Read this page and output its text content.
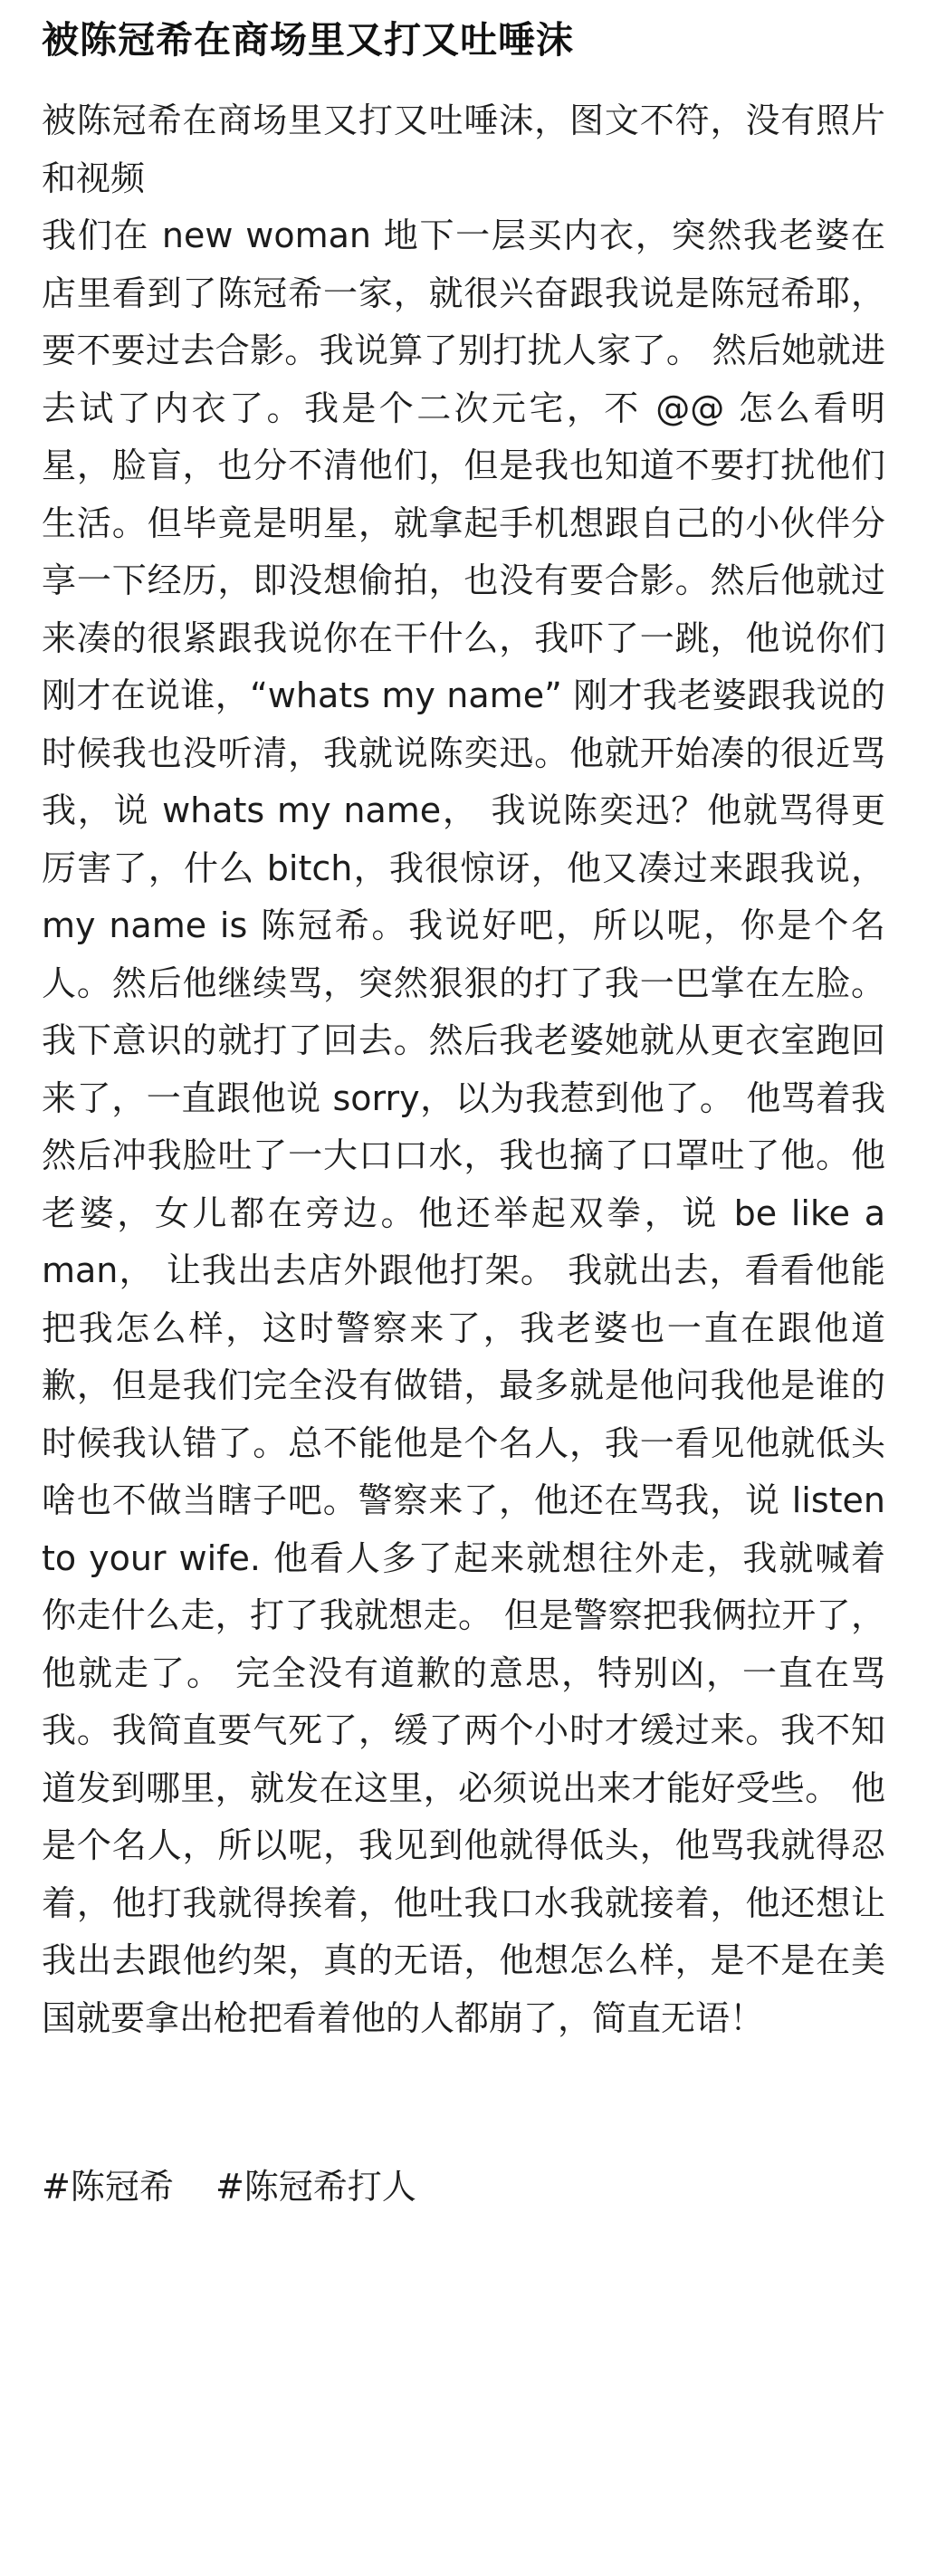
被陈冠希在商场里又打又吐唾沫

被陈冠希在商场里又打又吐唾沫，图文不符，没有照片和视频

我们在 new woman 地下一层买内衣，突然我老婆在店里看到了陈冠希一家，就很兴奋跟我说是陈冠希耶，要不要过去合影。我说算了别打扰人家了。 然后她就进去试了内衣了。我是个二次元宅，不 @@ 怎么看明星，脸盲，也分不清他们，但是我也知道不要打扰他们生活。但毕竟是明星，就拿起手机想跟自己的小伙伴分享一下经历，即没想偷拍，也没有要合影。然后他就过来凑的很紧跟我说你在干什么，我吓了一跳，他说你们刚才在说谁，“whats my name” 刚才我老婆跟我说的时候我也没听清，我就说陈奕迅。他就开始凑的很近骂我，说 whats my name， 我说陈奕迅？他就骂得更厉害了，什么 bitch，我很惊讶，他又凑过来跟我说，my name is 陈冠希。我说好吧，所以呢，你是个名人。然后他继续骂，突然狠狠的打了我一巴掌在左脸。我下意识的就打了回去。然后我老婆她就从更衣室跑回来了，一直跟他说 sorry，以为我惹到他了。 他骂着我然后冲我脸吐了一大口口水，我也摘了口罩吐了他。他老婆，女儿都在旁边。他还举起双拳，说 be like a man， 让我出去店外跟他打架。 我就出去，看看他能把我怎么样，这时警察来了，我老婆也一直在跟他道歉，但是我们完全没有做错，最多就是他问我他是谁的时候我认错了。总不能他是个名人，我一看见他就低头啥也不做当瞎子吧。警察来了，他还在骂我，说 listen to your wife. 他看人多了起来就想往外走，我就喊着你走什么走，打了我就想走。 但是警察把我俩拉开了，他就走了。 完全没有道歉的意思，特别凶，一直在骂我。我简直要气死了，缓了两个小时才缓过来。我不知道发到哪里，就发在这里，必须说出来才能好受些。 他是个名人，所以呢，我见到他就得低头，他骂我就得忍着，他打我就得挨着，他吐我口水我就接着，他还想让我出去跟他约架，真的无语，他想怎么样，是不是在美国就要拿出枪把看着他的人都崩了，简直无语！

#陈冠希 #陈冠希打人
